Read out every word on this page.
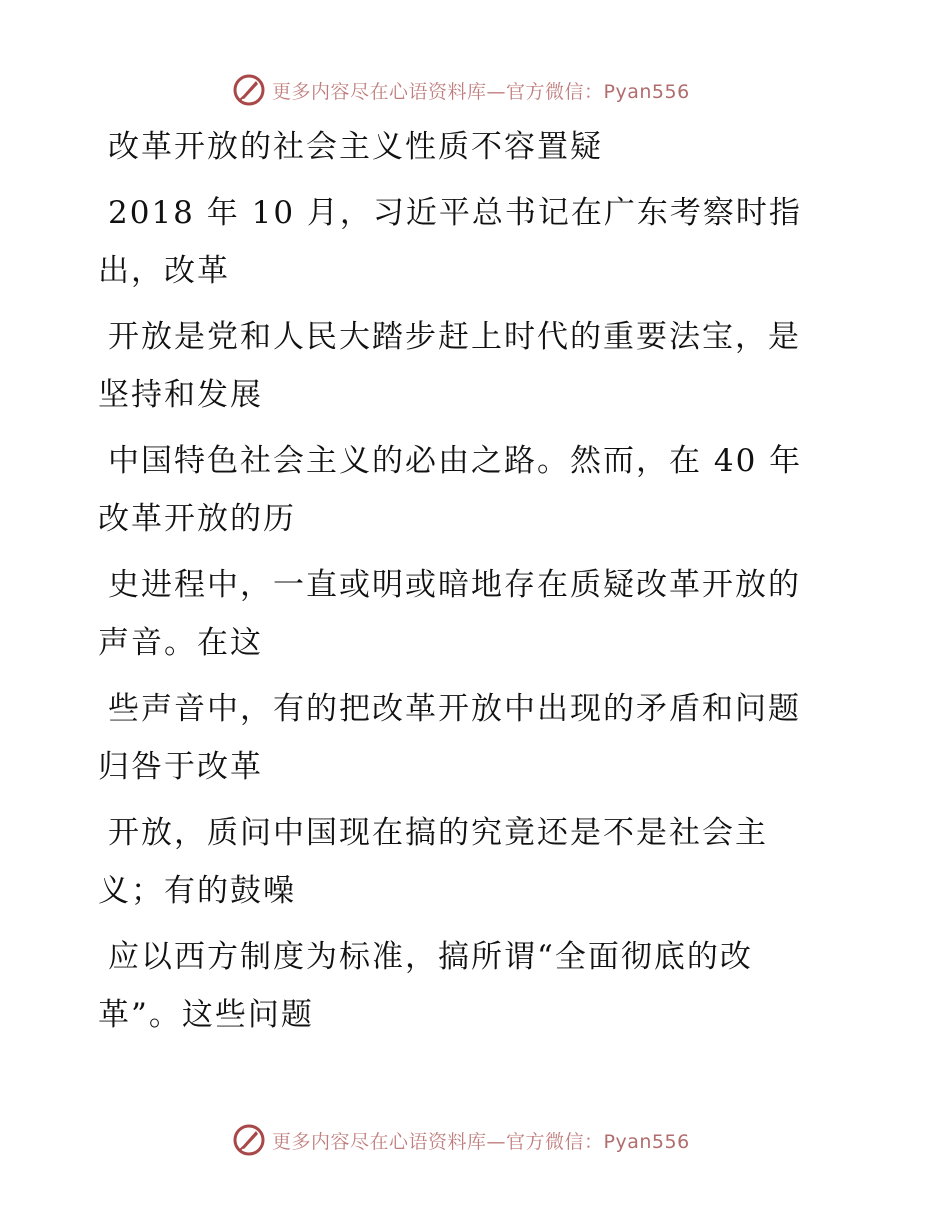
更多内容尽在心语资料库—官方微信：Pyan556
改革开放的社会主义性质不容置疑
2018 年 10 月，习近平总书记在广东考察时指
出，改革
开放是党和人民大踏步赶上时代的重要法宝，是
坚持和发展
中国特色社会主义的必由之路。然而，在 40 年
改革开放的历
史进程中，一直或明或暗地存在质疑改革开放的
声音。在这
些声音中，有的把改革开放中出现的矛盾和问题
归咎于改革
开放，质问中国现在搞的究竟还是不是社会主
义；有的鼓噪
应以西方制度为标准，搞所谓“全面彻底的改
革”。这些问题
更多内容尽在心语资料库—官方微信：Pyan556
